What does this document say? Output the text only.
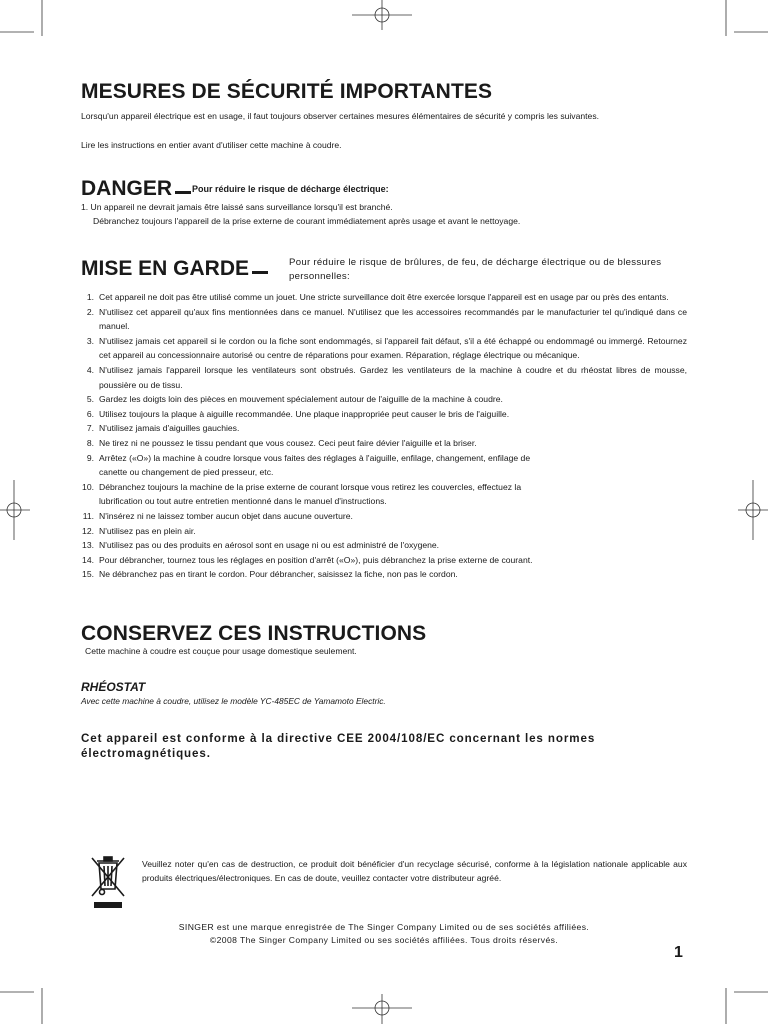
MESURES DE SÉCURITÉ IMPORTANTES
Lorsqu'un appareil électrique est en usage, il faut toujours observer certaines mesures élémentaires de sécurité y compris les suivantes.
Lire les instructions en entier avant d'utiliser cette machine à coudre.
DANGER Pour réduire le risque de décharge électrique:
1. Un appareil ne devrait jamais être laissé sans surveillance lorsqu'il est branché.
Débranchez toujours l'appareil de la prise externe de courant immédiatement après usage et avant le nettoyage.
MISE EN GARDE	Pour réduire le risque de brûlures, de feu, de décharge électrique ou de blessures personnelles:
1. Cet appareil ne doit pas être utilisé comme un jouet. Une stricte surveillance doit être exercée lorsque l'appareil est en usage par ou près des entants.
2. N'utilisez cet appareil qu'aux fins mentionnées dans ce manuel. N'utilisez que les accessoires recommandés par le manufacturier tel qu'indiqué dans ce manuel.
3. N'utilisez jamais cet appareil si le cordon ou la fiche sont endommagés, si l'appareil fait défaut, s'il a été échappé ou endommagé ou immergé. Retournez cet appareil au concessionnaire autorisé ou centre de réparations pour examen. Réparation, réglage électrique ou mécanique.
4. N'utilisez jamais l'appareil lorsque les ventilateurs sont obstrués. Gardez les ventilateurs de la machine à coudre et du rhéostat libres de mousse, poussière ou de tissu.
5. Gardez les doigts loin des pièces en mouvement spécialement autour de l'aiguille de la machine à coudre.
6. Utilisez toujours la plaque à aiguille recommandée. Une plaque inappropriée peut causer le bris de l'aiguille.
7. N'utilisez jamais d'aiguilles gauchies.
8. Ne tirez ni ne poussez le tissu pendant que vous cousez. Ceci peut faire dévier l'aiguille et la briser.
9. Arrêtez («O») la machine à coudre lorsque vous faites des réglages à l'aiguille, enfilage, changement, enfilage de canette ou changement de pied presseur, etc.
10. Débranchez toujours la machine de la prise externe de courant lorsque vous retirez les couvercles, effectuez la lubrification ou tout autre entretien mentionné dans le manuel d'instructions.
11. N'insérez ni ne laissez tomber aucun objet dans aucune ouverture.
12. N'utilisez pas en plein air.
13. N'utilisez pas ou des produits en aérosol sont en usage ni ou est administré de l'oxygene.
14. Pour débrancher, tournez tous les réglages en position d'arrêt («O»), puis débranchez la prise externe de courant.
15. Ne débranchez pas en tirant le cordon. Pour débrancher, saisissez la fiche, non pas le cordon.
CONSERVEZ CES INSTRUCTIONS
Cette machine à coudre est couçue pour usage domestique seulement.
RHÉOSTAT
Avec cette machine à coudre, utilisez le modèle YC-485EC de Yamamoto Electric.
Cet appareil est conforme à la directive CEE 2004/108/EC concernant les normes électromagnétiques.
Veuillez noter qu'en cas de destruction, ce produit doit bénéficier d'un recyclage sécurisé, conforme à la législation nationale applicable aux produits électriques/électroniques. En cas de doute, veuillez contacter votre distributeur agréé.
SINGER est une marque enregistrée de The Singer Company Limited ou de ses sociétés affiliées.
©2008 The Singer Company Limited ou ses sociétés affiliées. Tous droits réservés.
1
